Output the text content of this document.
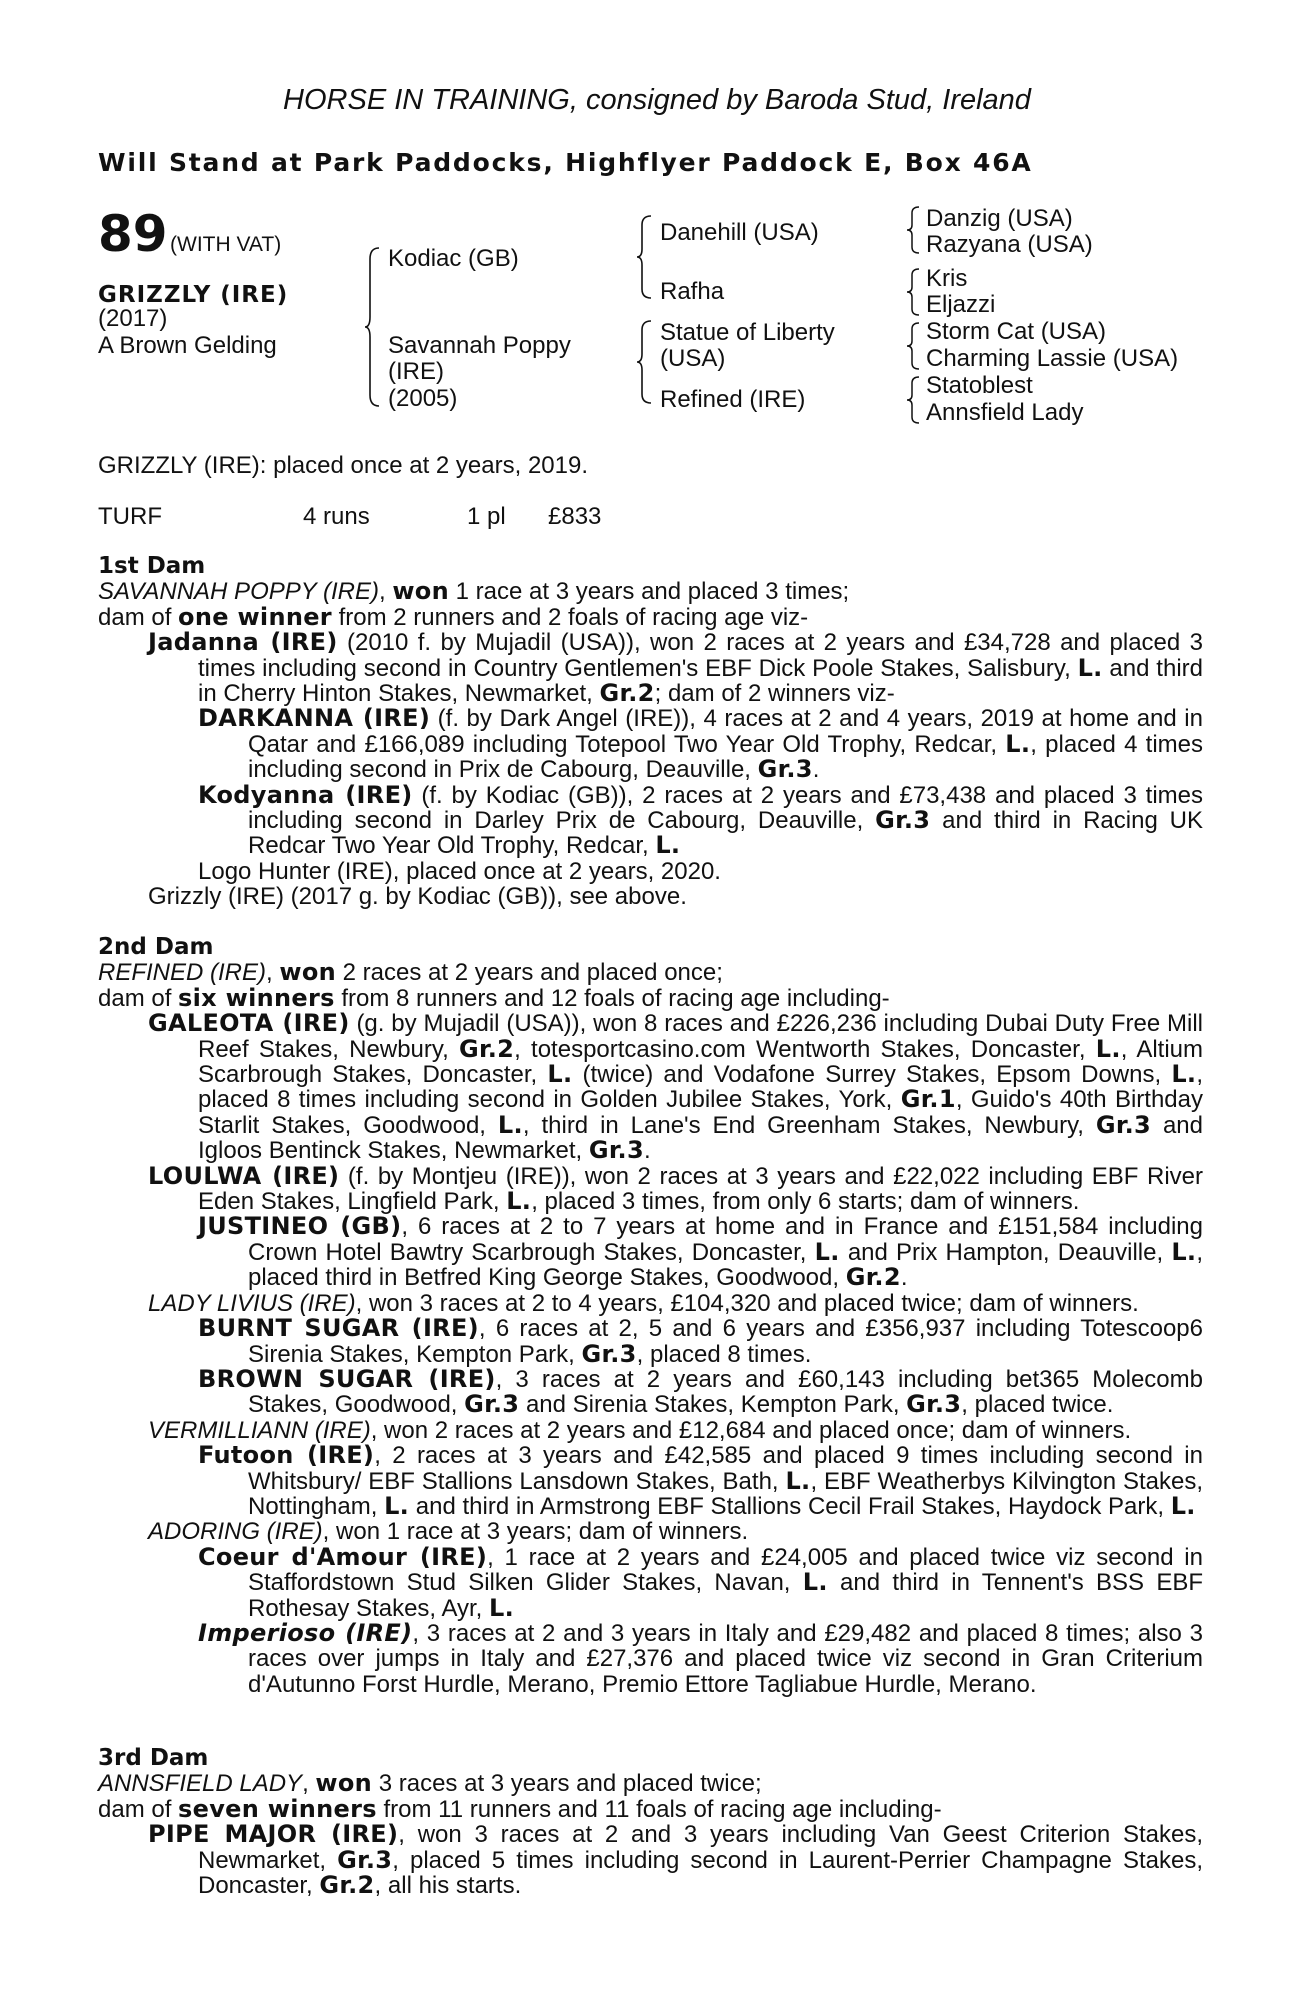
HORSE IN TRAINING, consigned by Baroda Stud, Ireland
Will Stand at Park Paddocks, Highflyer Paddock E, Box 46A
89 (WITH VAT)
GRIZZLY (IRE)
(2017)
A Brown Gelding
Kodiac (GB)
Savannah Poppy
(IRE)
(2005)
Danehill (USA)
Rafha
Statue of Liberty
(USA)
Refined (IRE)
Danzig (USA)
Razyana (USA)
Kris
Eljazzi
Storm Cat (USA)
Charming Lassie (USA)
Statoblest
Annsfield Lady
GRIZZLY (IRE): placed once at 2 years, 2019.
TURF	4 runs	1 pl £833

1st Dam

SAVANNAH POPPY (IRE), won 1 race at 3 years and placed 3 times;

dam of one winner from 2 runners and 2 foals of racing age viz-

Jadanna (IRE) (2010 f. by Mujadil (USA)), won 2 races at 2 years and £34,728 and placed 3 times including second in Country Gentlemen's EBF Dick Poole Stakes, Salisbury, L. and third in Cherry Hinton Stakes, Newmarket, Gr.2; dam of 2 winners viz-

DARKANNA (IRE) (f. by Dark Angel (IRE)), 4 races at 2 and 4 years, 2019 at home and in Qatar and £166,089 including Totepool Two Year Old Trophy, Redcar, L., placed 4 times including second in Prix de Cabourg, Deauville, Gr.3.

Kodyanna (IRE) (f. by Kodiac (GB)), 2 races at 2 years and £73,438 and placed 3 times including second in Darley Prix de Cabourg, Deauville, Gr.3 and third in Racing UK Redcar Two Year Old Trophy, Redcar, L.

Logo Hunter (IRE), placed once at 2 years, 2020.

Grizzly (IRE) (2017 g. by Kodiac (GB)), see above.

2nd Dam

REFINED (IRE), won 2 races at 2 years and placed once;

dam of six winners from 8 runners and 12 foals of racing age including-

GALEOTA (IRE) (g. by Mujadil (USA)), won 8 races and £226,236 including Dubai Duty Free Mill Reef Stakes, Newbury, Gr.2, totesportcasino.com Wentworth Stakes, Doncaster, L., Altium Scarbrough Stakes, Doncaster, L. (twice) and Vodafone Surrey Stakes, Epsom Downs, L., placed 8 times including second in Golden Jubilee Stakes, York, Gr.1, Guido's 40th Birthday Starlit Stakes, Goodwood, L., third in Lane's End Greenham Stakes, Newbury, Gr.3 and Igloos Bentinck Stakes, Newmarket, Gr.3.

LOULWA (IRE) (f. by Montjeu (IRE)), won 2 races at 3 years and £22,022 including EBF River Eden Stakes, Lingfield Park, L., placed 3 times, from only 6 starts; dam of winners.

JUSTINEO (GB), 6 races at 2 to 7 years at home and in France and £151,584 including Crown Hotel Bawtry Scarbrough Stakes, Doncaster, L. and Prix Hampton, Deauville, L., placed third in Betfred King George Stakes, Goodwood, Gr.2.

LADY LIVIUS (IRE), won 3 races at 2 to 4 years, £104,320 and placed twice; dam of winners.

BURNT SUGAR (IRE), 6 races at 2, 5 and 6 years and £356,937 including Totescoop6 Sirenia Stakes, Kempton Park, Gr.3, placed 8 times.

BROWN SUGAR (IRE), 3 races at 2 years and £60,143 including bet365 Molecomb Stakes, Goodwood, Gr.3 and Sirenia Stakes, Kempton Park, Gr.3, placed twice.

VERMILLIANN (IRE), won 2 races at 2 years and £12,684 and placed once; dam of winners.

Futoon (IRE), 2 races at 3 years and £42,585 and placed 9 times including second in Whitsbury/ EBF Stallions Lansdown Stakes, Bath, L., EBF Weatherbys Kilvington Stakes, Nottingham, L. and third in Armstrong EBF Stallions Cecil Frail Stakes, Haydock Park, L.

ADORING (IRE), won 1 race at 3 years; dam of winners.

Coeur d'Amour (IRE), 1 race at 2 years and £24,005 and placed twice viz second in Staffordstown Stud Silken Glider Stakes, Navan, L. and third in Tennent's BSS EBF Rothesay Stakes, Ayr, L.

Imperioso (IRE), 3 races at 2 and 3 years in Italy and £29,482 and placed 8 times; also 3 races over jumps in Italy and £27,376 and placed twice viz second in Gran Criterium d'Autunno Forst Hurdle, Merano, Premio Ettore Tagliabue Hurdle, Merano.

3rd Dam

ANNSFIELD LADY, won 3 races at 3 years and placed twice;

dam of seven winners from 11 runners and 11 foals of racing age including-

PIPE MAJOR (IRE), won 3 races at 2 and 3 years including Van Geest Criterion Stakes, Newmarket, Gr.3, placed 5 times including second in Laurent-Perrier Champagne Stakes, Doncaster, Gr.2, all his starts.
